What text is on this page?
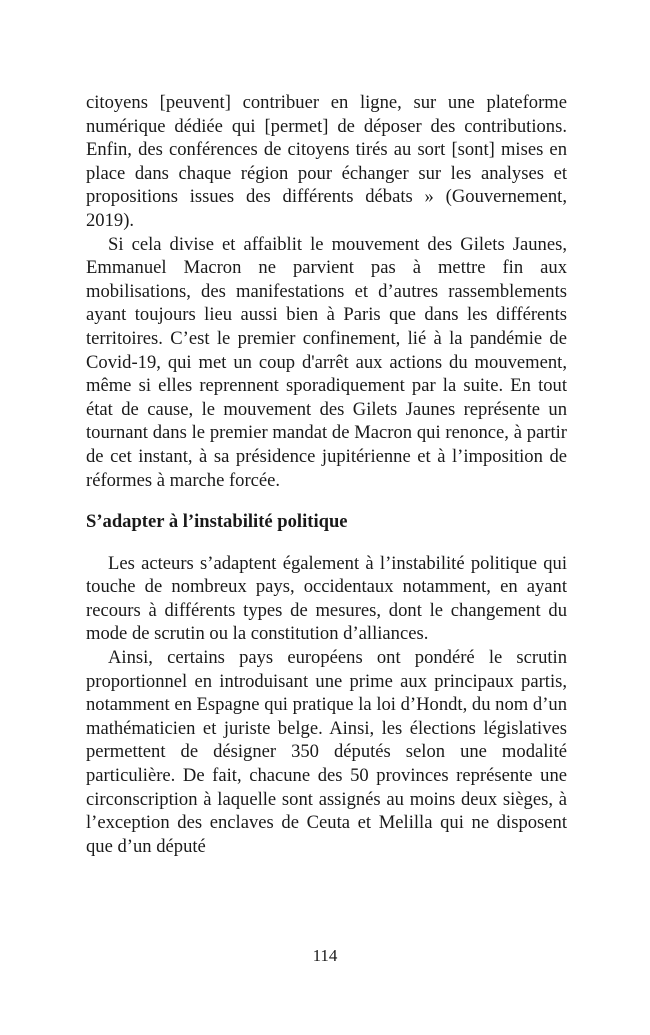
citoyens [peuvent] contribuer en ligne, sur une plateforme numérique dédiée qui [permet] de déposer des contributions. Enfin, des conférences de citoyens tirés au sort [sont] mises en place dans chaque région pour échanger sur les analyses et propositions issues des différents débats » (Gouvernement, 2019).

Si cela divise et affaiblit le mouvement des Gilets Jaunes, Emmanuel Macron ne parvient pas à mettre fin aux mobilisations, des manifestations et d’autres rassemblements ayant toujours lieu aussi bien à Paris que dans les différents territoires. C’est le premier confinement, lié à la pandémie de Covid-19, qui met un coup d'arrêt aux actions du mouvement, même si elles reprennent sporadiquement par la suite. En tout état de cause, le mouvement des Gilets Jaunes représente un tournant dans le premier mandat de Macron qui renonce, à partir de cet instant, à sa présidence jupitérienne et à l’imposition de réformes à marche forcée.

S’adapter à l’instabilité politique

Les acteurs s’adaptent également à l’instabilité politique qui touche de nombreux pays, occidentaux notamment, en ayant recours à différents types de mesures, dont le changement du mode de scrutin ou la constitution d’alliances.

Ainsi, certains pays européens ont pondéré le scrutin proportionnel en introduisant une prime aux principaux partis, notamment en Espagne qui pratique la loi d’Hondt, du nom d’un mathématicien et juriste belge. Ainsi, les élections législatives permettent de désigner 350 députés selon une modalité particulière. De fait, chacune des 50 provinces représente une circonscription à laquelle sont assignés au moins deux sièges, à l’exception des enclaves de Ceuta et Melilla qui ne disposent que d’un député

114
